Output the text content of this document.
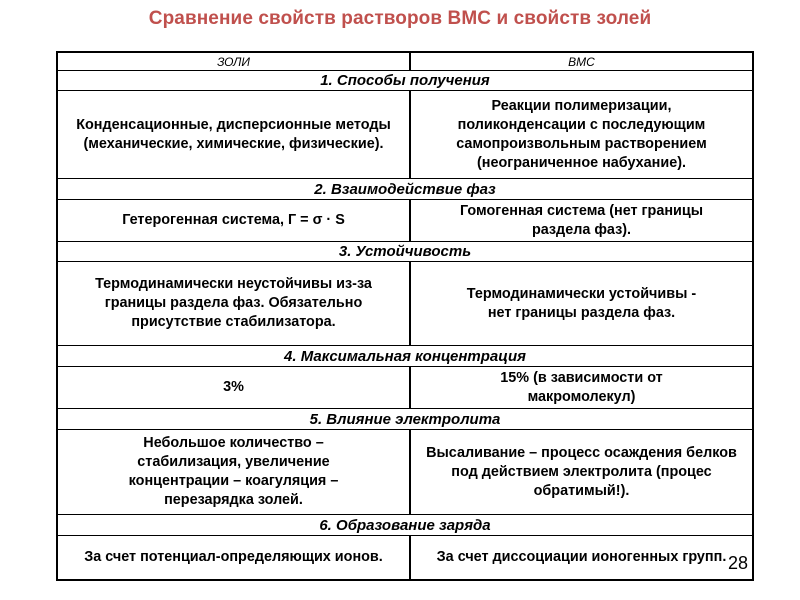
Сравнение свойств растворов ВМС и свойств золей
ЗОЛИ	ВМС
1. Способы получения
Конденсационные, дисперсионные методы (механические, химические, физические).
Реакции полимеризации, поликонденсации с последующим самопроизвольным растворением (неограниченное набухание).
2. Взаимодействие фаз
Гетерогенная система, Г = σ · S
Гомогенная система (нет границы раздела фаз).
3. Устойчивость
Термодинамически неустойчивы из-за границы раздела фаз. Обязательно присутствие стабилизатора.
Термодинамически устойчивы - нет границы раздела фаз.
4. Максимальная концентрация
3%
15% (в зависимости от макромолекул)
5. Влияние электролита
Небольшое количество – стабилизация, увеличение концентрации – коагуляция – перезарядка золей.
Высаливание – процесс осаждения белков под действием электролита (процес обратимый!).
6. Образование заряда
За счет потенциал-определяющих ионов.	За счет диссоциации ионогенных групп. 28
